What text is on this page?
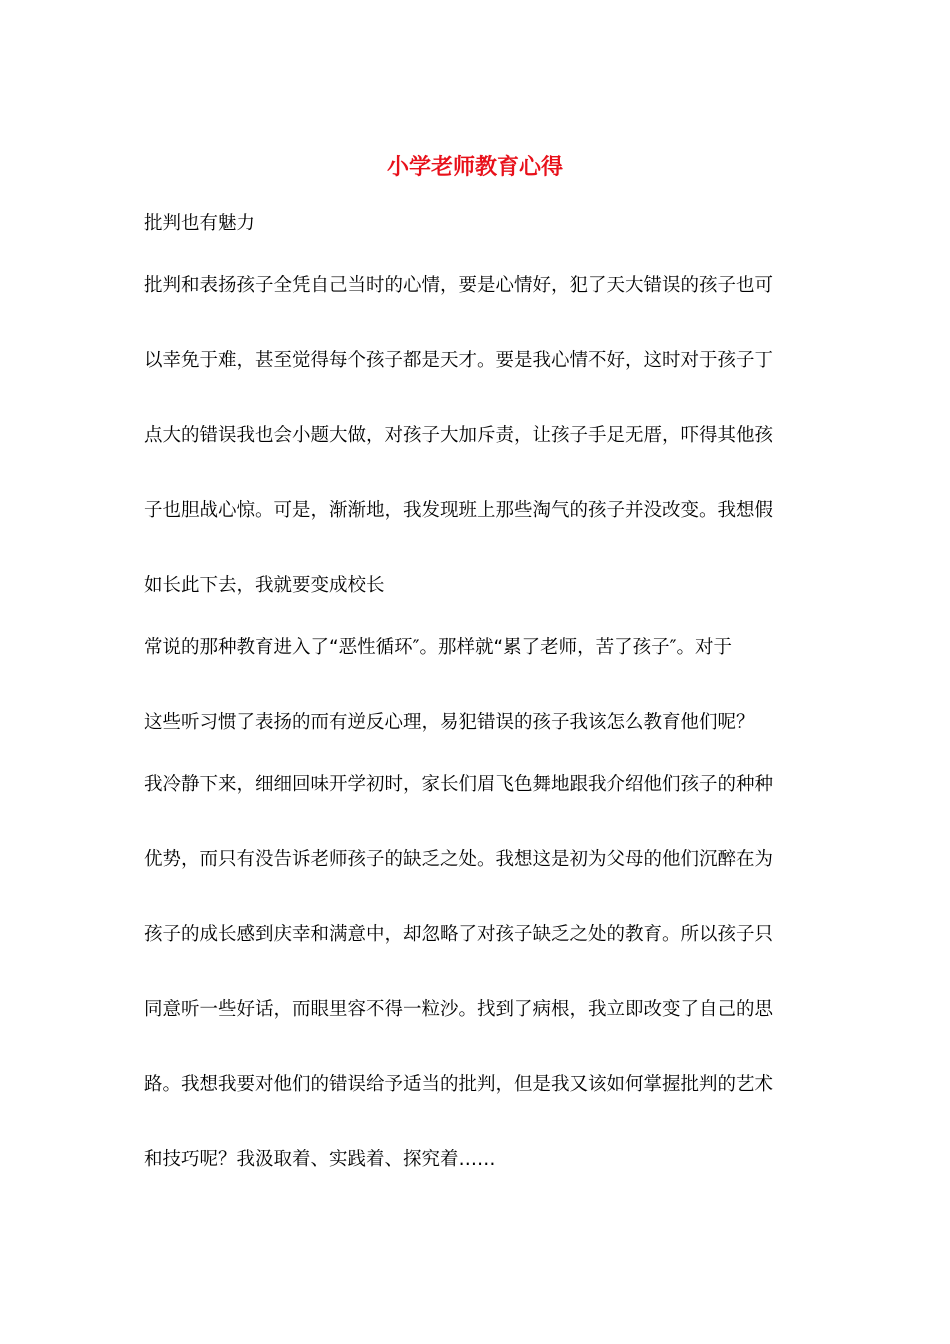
小学老师教育心得
批判也有魅力
批判和表扬孩子全凭自己当时的心情，要是心情好，犯了天大错误的孩子也可
以幸免于难，甚至觉得每个孩子都是天才。要是我心情不好，这时对于孩子丁
点大的错误我也会小题大做，对孩子大加斥责，让孩子手足无厝，吓得其他孩
子也胆战心惊。可是，渐渐地，我发现班上那些淘气的孩子并没改变。我想假
如长此下去，我就要变成校长
常说的那种教育进入了“恶性循环″。那样就“累了老师，苦了孩子″。对于
这些听习惯了表扬的而有逆反心理，易犯错误的孩子我该怎么教育他们呢？
我冷静下来，细细回味开学初时，家长们眉飞色舞地跟我介绍他们孩子的种种
优势，而只有没告诉老师孩子的缺乏之处。我想这是初为父母的他们沉醉在为
孩子的成长感到庆幸和满意中，却忽略了对孩子缺乏之处的教育。所以孩子只
同意听一些好话，而眼里容不得一粒沙。找到了病根，我立即改变了自己的思
路。我想我要对他们的错误给予适当的批判，但是我又该如何掌握批判的艺术
和技巧呢？我汲取着、实践着、探究着……
